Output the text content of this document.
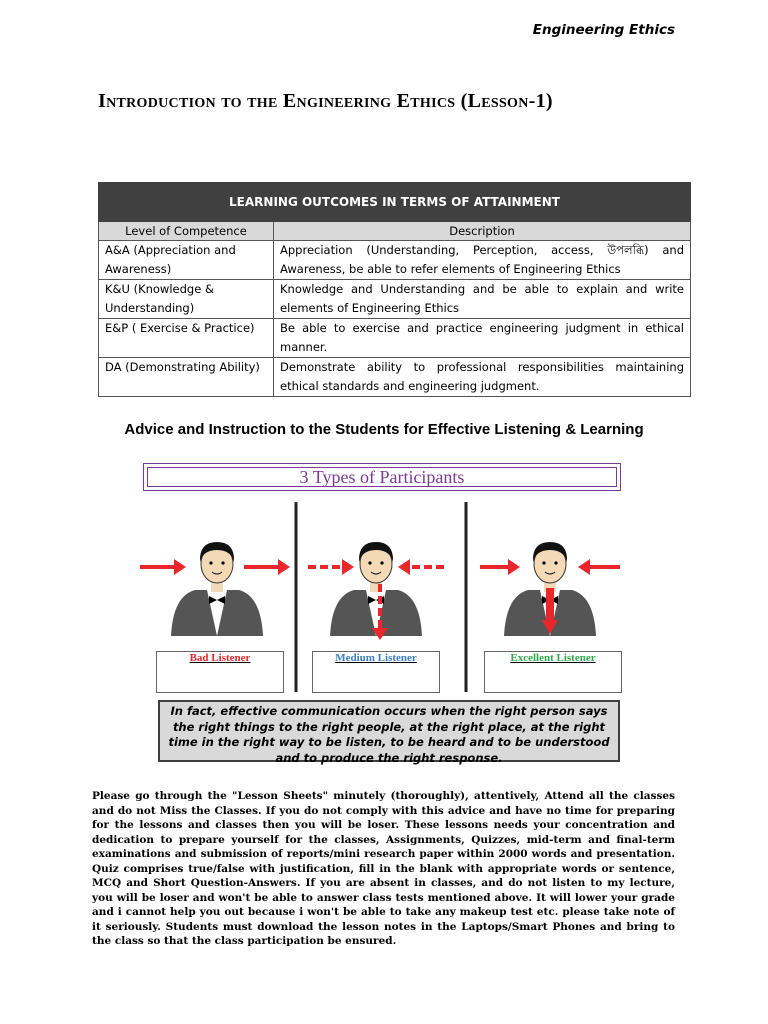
Engineering Ethics
Introduction to the Engineering Ethics (Lesson-1)
LEARNING OUTCOMES IN TERMS OF ATTAINMENT	
Level of Competence	Description
A&A (Appreciation and Awareness)	Appreciation (Understanding, Perception, access, উপলব্ধি) and Awareness, be able to refer elements of Engineering Ethics
K&U (Knowledge & Understanding)	Knowledge and Understanding and be able to explain and write elements of Engineering Ethics
E&P ( Exercise & Practice)	Be able to exercise and practice engineering judgment in ethical manner.
DA (Demonstrating Ability)	Demonstrate ability to professional responsibilities maintaining ethical standards and engineering judgment.
Advice and Instruction to the Students for Effective Listening & Learning
3 Types of Participants
Bad Listener	Medium Listener	Excellent Listener
In fact, effective communication occurs when the right person says the right things to the right people, at the right place, at the right time in the right way to be listen, to be heard and to be understood and to produce the right response.
Please go through the "Lesson Sheets" minutely (thoroughly), attentively, Attend all the classes and do not Miss the Classes. If you do not comply with this advice and have no time for preparing for the lessons and classes then you will be loser. These lessons needs your concentration and dedication to prepare yourself for the classes, Assignments, Quizzes, mid-term and final-term examinations and submission of reports/mini research paper within 2000 words and presentation. Quiz comprises true/false with justification, fill in the blank with appropriate words or sentence, MCQ and Short Question-Answers. If you are absent in classes, and do not listen to my lecture, you will be loser and won't be able to answer class tests mentioned above. It will lower your grade and i cannot help you out because i won't be able to take any makeup test etc. please take note of it seriously. Students must download the lesson notes in the Laptops/Smart Phones and bring to the class so that the class participation be ensured.
